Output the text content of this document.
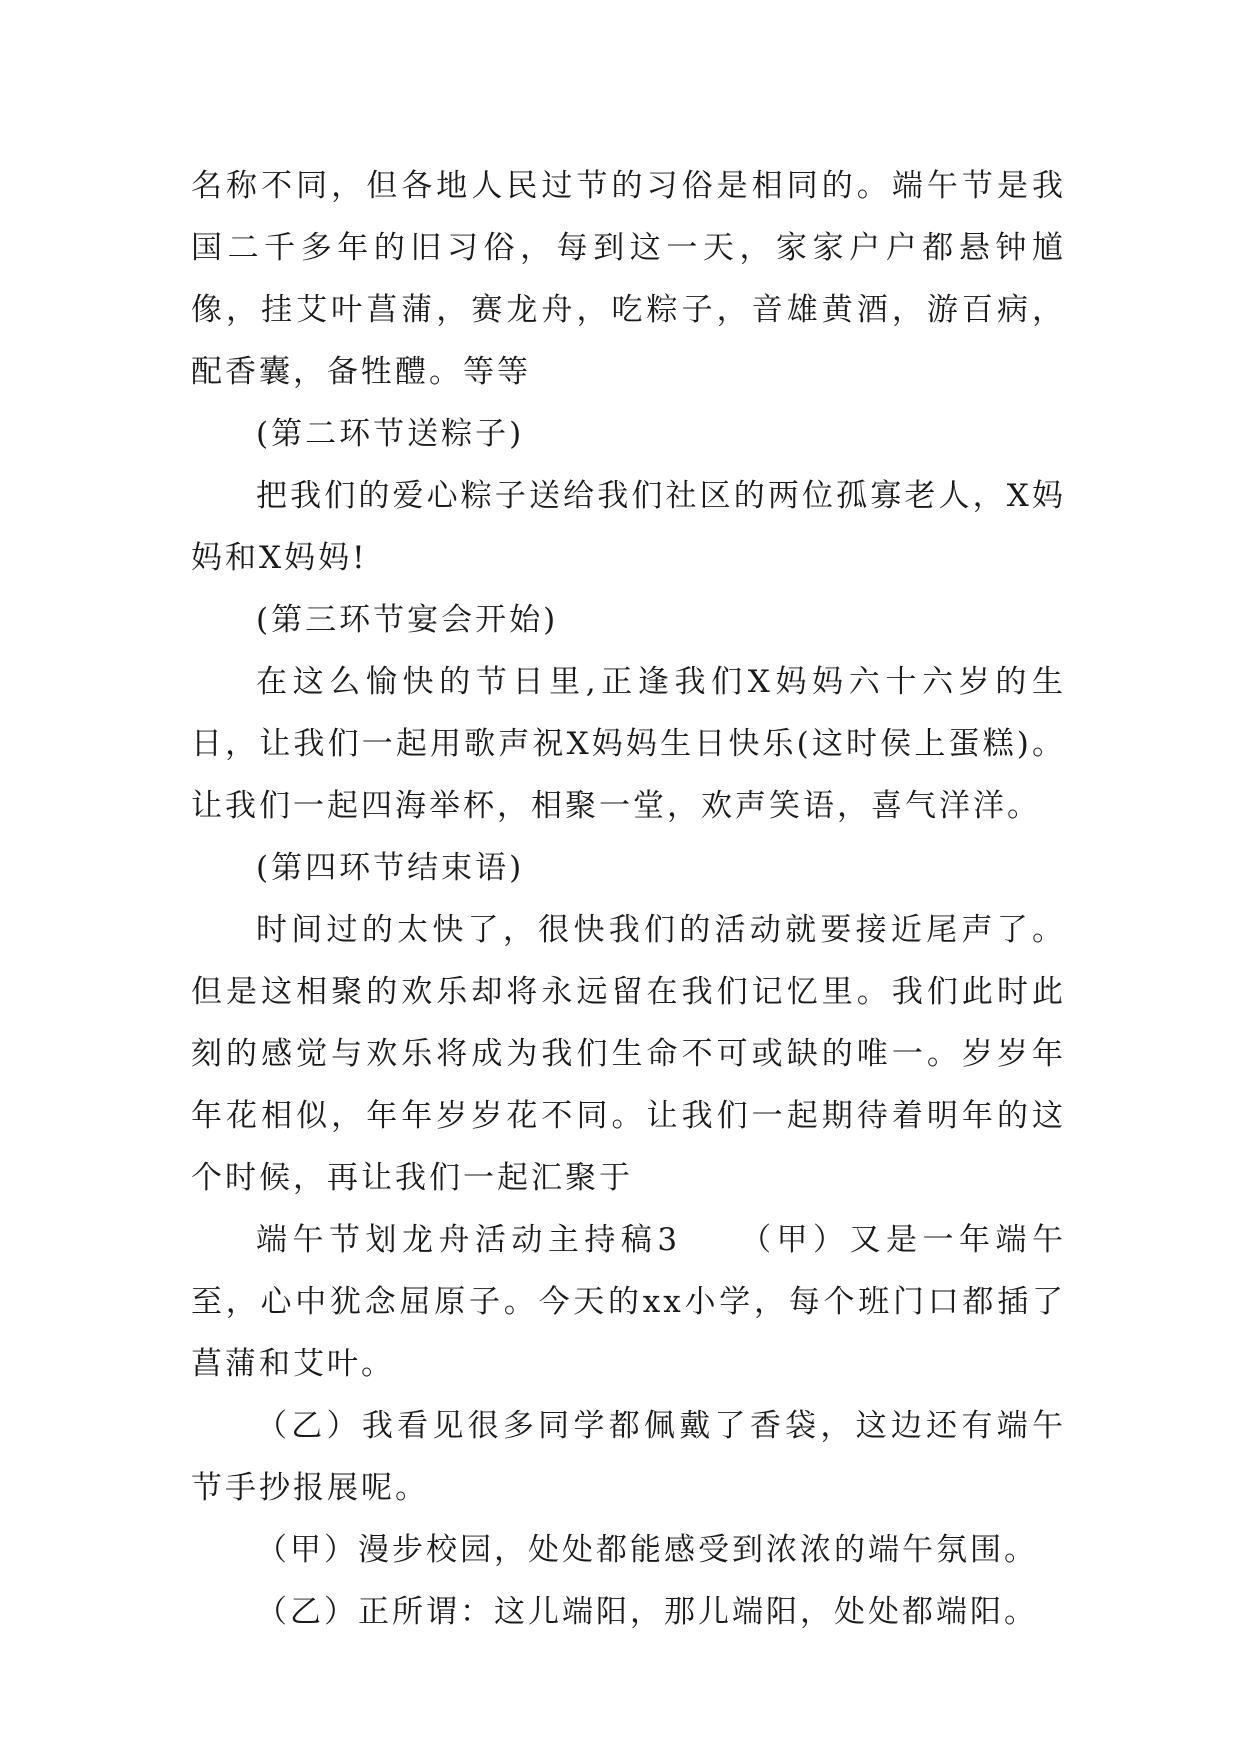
名称不同，但各地人民过节的习俗是相同的。端午节是我国二千多年的旧习俗，每到这一天，家家户户都悬钟馗像，挂艾叶菖蒲，赛龙舟，吃粽子，音雄黄酒，游百病，配香囊，备牲醴。等等

(第二环节送粽子)

把我们的爱心粽子送给我们社区的两位孤寡老人，X妈妈和X妈妈!

(第三环节宴会开始)

在这么愉快的节日里,正逢我们X妈妈六十六岁的生日，让我们一起用歌声祝X妈妈生日快乐(这时侯上蛋糕)。让我们一起四海举杯，相聚一堂，欢声笑语，喜气洋洋。

(第四环节结束语)

时间过的太快了，很快我们的活动就要接近尾声了。但是这相聚的欢乐却将永远留在我们记忆里。我们此时此刻的感觉与欢乐将成为我们生命不可或缺的唯一。岁岁年年花相似，年年岁岁花不同。让我们一起期待着明年的这个时候，再让我们一起汇聚于

端午节划龙舟活动主持稿3　　（甲）又是一年端午至，心中犹念屈原子。今天的xx小学，每个班门口都插了菖蒲和艾叶。

（乙）我看见很多同学都佩戴了香袋，这边还有端午节手抄报展呢。

（甲）漫步校园，处处都能感受到浓浓的端午氛围。

（乙）正所谓：这儿端阳，那儿端阳，处处都端阳。
